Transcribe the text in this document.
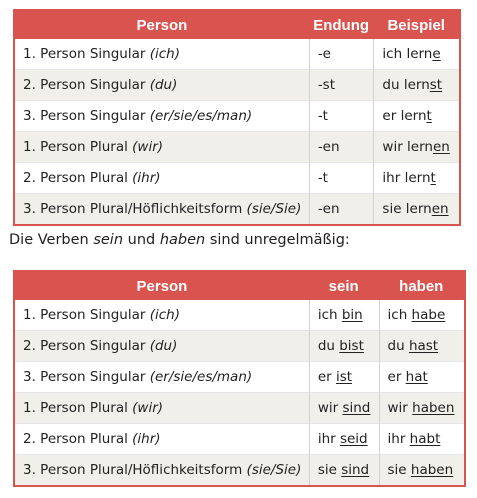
Person	Endung	Beispiel
1. Person Singular (ich)	-e	ich lerne
2. Person Singular (du)	-st	du lernst
3. Person Singular (er/sie/es/man)	-t	er lernt
1. Person Plural (wir)	-en	wir lernen
2. Person Plural (ihr)	-t	ihr lernt
3. Person Plural/Höflichkeitsform (sie/Sie)	-en	sie lernen
Die Verben sein und haben sind unregelmäßig:
Person	sein	haben
1. Person Singular (ich)	ich bin	ich habe
2. Person Singular (du)	du bist	du hast
3. Person Singular (er/sie/es/man)	er ist	er hat
1. Person Plural (wir)	wir sind	wir haben
2. Person Plural (ihr)	ihr seid	ihr habt
3. Person Plural/Höflichkeitsform (sie/Sie)	sie sind	sie haben
